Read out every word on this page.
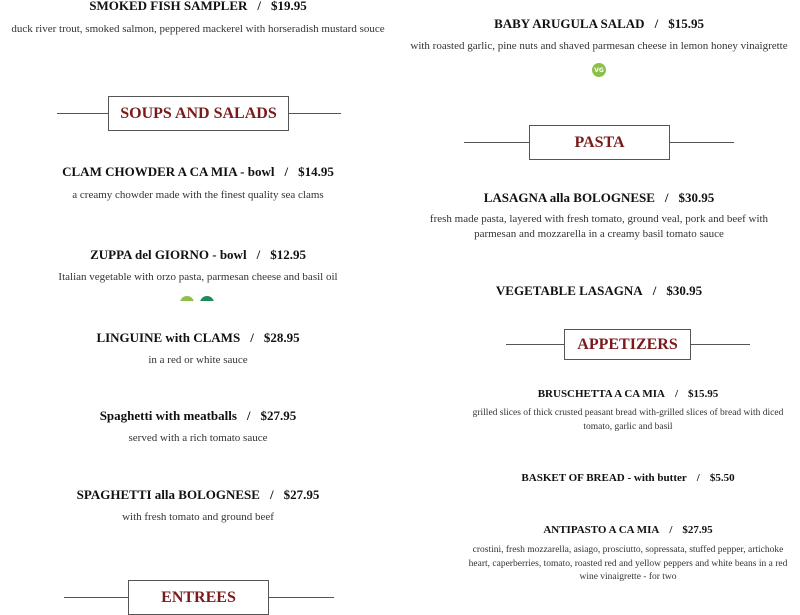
SMOKED FISH SAMPLER / $19.95
duck river trout, smoked salmon, peppered mackerel with horseradish mustard souce
SOUPS AND SALADS
CLAM CHOWDER A CA MIA - bowl / $14.95
a creamy chowder made with the finest quality sea clams
ZUPPA del GIORNO - bowl / $12.95
Italian vegetable with orzo pasta, parmesan cheese and basil oil
LINGUINE with CLAMS / $28.95
in a red or white sauce
Spaghetti with meatballs / $27.95
served with a rich tomato sauce
SPAGHETTI alla BOLOGNESE / $27.95
with fresh tomato and ground beef
ENTREES
BABY ARUGULA SALAD / $15.95
with roasted garlic, pine nuts and shaved parmesan cheese in lemon honey vinaigrette
VG
PASTA
LASAGNA alla BOLOGNESE / $30.95
fresh made pasta, layered with fresh tomato, ground veal, pork and beef with parmesan and mozzarella in a creamy basil tomato sauce
VEGETABLE LASAGNA / $30.95
APPETIZERS
BRUSCHETTA A CA MIA / $15.95
grilled slices of thick crusted peasant bread with-grilled slices of bread with diced tomato, garlic and basil
BASKET OF BREAD - with butter / $5.50
ANTIPASTO A CA MIA / $27.95
crostini, fresh mozzarella, asiago, prosciutto, sopressata, stuffed pepper, artichoke heart, caperberries, tomato, roasted red and yellow peppers and white beans in a red wine vinaigrette - for two
